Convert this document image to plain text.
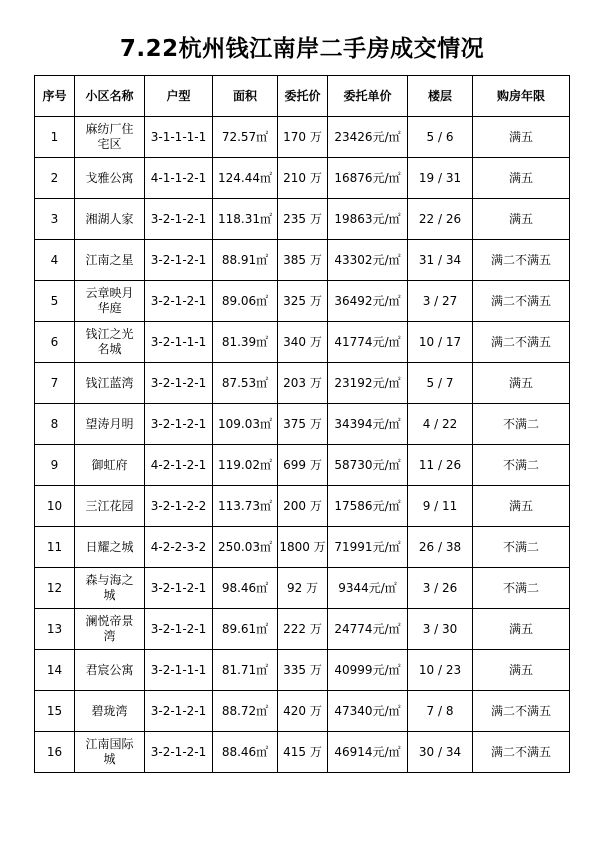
7.22杭州钱江南岸二手房成交情况
序号	小区名称	户型	面积	委托价	委托单价	楼层	购房年限
1	麻纺厂住宅区	3-1-1-1-1	72.57㎡	170 万	23426元/㎡	5 / 6	满五
2	戈雅公寓	4-1-1-2-1	124.44㎡	210 万	16876元/㎡	19 / 31	满五
3	湘湖人家	3-2-1-2-1	118.31㎡	235 万	19863元/㎡	22 / 26	满五
4	江南之星	3-2-1-2-1	88.91㎡	385 万	43302元/㎡	31 / 34	满二不满五
5	云章映月华庭	3-2-1-2-1	89.06㎡	325 万	36492元/㎡	3 / 27	满二不满五
6	钱江之光名城	3-2-1-1-1	81.39㎡	340 万	41774元/㎡	10 / 17	满二不满五
7	钱江蓝湾	3-2-1-2-1	87.53㎡	203 万	23192元/㎡	5 / 7	满五
8	望涛月明	3-2-1-2-1	109.03㎡	375 万	34394元/㎡	4 / 22	不满二
9	御虹府	4-2-1-2-1	119.02㎡	699 万	58730元/㎡	11 / 26	不满二
10	三江花园	3-2-1-2-2	113.73㎡	200 万	17586元/㎡	9 / 11	满五
11	日耀之城	4-2-2-3-2	250.03㎡	1800 万	71991元/㎡	26 / 38	不满二
12	森与海之城	3-2-1-2-1	98.46㎡	92 万	9344元/㎡	3 / 26	不满二
13	澜悦帝景湾	3-2-1-2-1	89.61㎡	222 万	24774元/㎡	3 / 30	满五
14	君宸公寓	3-2-1-1-1	81.71㎡	335 万	40999元/㎡	10 / 23	满五
15	碧珑湾	3-2-1-2-1	88.72㎡	420 万	47340元/㎡	7 / 8	满二不满五
16	江南国际城	3-2-1-2-1	88.46㎡	415 万	46914元/㎡	30 / 34	满二不满五
